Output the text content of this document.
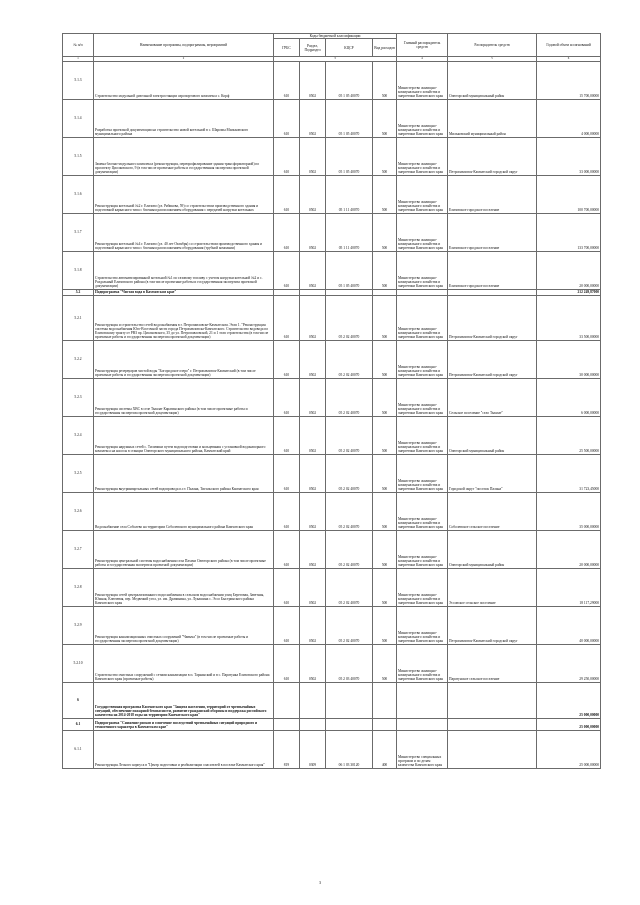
№ п/п	Наименование программы, подпрограммы, мероприятий	Коды бюджетной классификации				Главный распорядитель средств	Распорядитель средств	Годовой объем ассигнований
		ГРБС	Раздел, Подраздел	КЦСР	Вид расходов			
1	2	3				4	5	6
5.1.3	Строительство модульной дизельной электростанции аэропортового комплекса с. Корф	610	0502	05 1 05 40070	500	Министерство жилищно-коммунального хозяйства и энергетики Камчатского края	Олюторский муниципальный район	15 700,00000
5.1.4	Разработка проектной документации на строительство новой котельной в с. Шаромы Мильковского муниципального района	610	0502	05 1 05 40070	500	Министерство жилищно-коммунального хозяйства и энергетики Камчатского края	Мильковский муниципальный район	4 000,00000
5.1.5	Замена блочно-модульного комплекса (реконструкция, перепрофилирование здания трансформаторной) по проспекту Циолковского, 9 (в том числе проектные работы и государственная экспертиза проектной документации)	610	0502	05 1 05 40070	500	Министерство жилищно-коммунального хозяйства и энергетики Камчатского края	Петропавловск-Камчатский городской округ	33 000,00000
5.1.6	Реконструкция котельной №2 г. Елизово (ул. Рябикова, 59) со строительством производственного здания и подготовкой каркасного типа с блочным расположением оборудования с передачей нагрузки котельных	610	0502	05 1 11 40070	500	Министерство жилищно-коммунального хозяйства и энергетики Камчатского края	Елизовское городское поселение	100 700,00000
5.1.7	Реконструкция котельной №4 г. Елизово (ул. 40 лет Октября) со строительством производственного здания и подготовкой каркасного типа с блочным расположением оборудования (трубной компании)	610	0502	05 1 11 40070	500	Министерство жилищно-коммунального хозяйства и энергетики Камчатского края	Елизовское городское поселение	133 700,00000
5.1.8	Строительство автоматизированной котельной №1 по газовому топливу с учетом нагрузки котельной №2 и с. Раздольный Елизовского района (в том числе проектные работы и государственная экспертиза проектной документации)	610	0502	05 1 05 40070	500	Министерство жилищно-коммунального хозяйства и энергетики Камчатского края	Елизовское городское поселение	20 000,00000
5.2	Подпрограмма "Чистая вода в Камчатском крае"							212 249,87000
5.2.1	Реконструкция и строительство сетей водоснабжения в г. Петропавловске-Камчатском. Этап 1. "Реконструкция системы водоснабжения Юго-Восточной части города Петропавловска-Камчатского. Строительство водовода по Елизовскому тракту от РВЗ пр. Циолковского, 35 до ул. Петропавловской, 21 и 1 этап строительства (в том числе проектные работы и государственная экспертиза проектной документации)	610	0502	05 2 02 40070	500	Министерство жилищно-коммунального хозяйства и энергетики Камчатского края	Петропавловск-Камчатский городской округ	33 500,00000
5.2.2	Реконструкция резервуаров чистой воды "Богородское озеро" г. Петропавловск-Камчатский (в том числе проектные работы и государственная экспертиза проектной документации)	610	0502	05 2 02 40070	500	Министерство жилищно-коммунального хозяйства и энергетики Камчатского края	Петропавловск-Камчатский городской округ	30 000,00000
5.2.3	Реконструкция системы ХВС в селе Тымлат Карагинского района (в том числе проектные работы и государственная экспертиза проектной документации)	610	0502	05 2 02 40070	500	Министерство жилищно-коммунального хозяйства и энергетики Камчатского края	Сельское поселение "село Тымлат"	6 000,00000
5.2.4	Реконструкция наружных сетей с. Тиличики путем водоподготовки и кольцевания с установкой водонапорного комплекса на насосы в станции Олюторского муниципального района, Камчатский край	610	0502	05 2 02 40070	500	Министерство жилищно-коммунального хозяйства и энергетики Камчатского края	Олюторский муниципальный район	25 500,00000
5.2.5	Реконструкция внутриквартальных сетей водопровода п.г.т. Палана, Тигильского района Камчатского края	610	0502	05 2 02 40070	500	Министерство жилищно-коммунального хозяйства и энергетики Камчатского края	Городской округ "поселок Палана"	31 723,45000
5.2.6	Водоснабжение села Соболево на территории Соболевского муниципального района Камчатского края	610	0502	05 2 02 40070	500	Министерство жилищно-коммунального хозяйства и энергетики Камчатского края	Соболевское сельское поселение	35 000,00000
5.2.7	Реконструкция центральной системы водоснабжения села Пахачи Олюторского района (в том числе проектные работы и государственная экспертиза проектной документации)	610	0502	05 2 02 40070	500	Министерство жилищно-коммунального хозяйства и энергетики Камчатского края	Олюторский муниципальный район	20 000,00000
5.2.8	Реконструкция сетей централизованного водоснабжения в сельском водоснабжении улиц Береговая, Заветная, Южная, Ключевая, пер. Медвежий угол, ул. им. Драчинина, ул. Лукашина с. Эссо Быстринского района Камчатского края	610	0502	05 2 02 40070	500	Министерство жилищно-коммунального хозяйства и энергетики Камчатского края	Эссовское сельское поселение	18 117,29000
5.2.9	Реконструкция канализационных очистных сооружений "Чавыча" (в том числе проектные работы и государственная экспертиза проектной документации)	610	0502	05 2 02 40070	500	Министерство жилищно-коммунального хозяйства и энергетики Камчатского края	Петропавловск-Камчатский городской округ	40 000,00000
5.2.10	Строительство очистных сооружений с сетями канализации в п. Тарьинский и в с. Паратунка Елизовского района Камчатского края (проектные работы)	610	0502	05 2 03 40070	500	Министерство жилищно-коммунального хозяйства и энергетики Камчатского края	Паратунское сельское поселение	29 250,00000
6	Государственная программа Камчатского края "Защита населения, территорий от чрезвычайных ситуаций, обеспечение пожарной безопасности, развитие гражданской обороны и поддержка российского казачества на 2014-2018 годы на территории Камчатского края"							25 000,00000
6.1	Подпрограмма "Снижение рисков и смягчение последствий чрезвычайных ситуаций природного и техногенного характера в Камчатском крае"							25 000,00000
6.1.1	Реконструкция Лесного корпуса в "Центр подготовки и реабилитации спасателей в поселке Камчатского края"	819	0309	06 1 03 30120	400	Министерство специальных программ и по делам казачества Камчатского края		25 000,00000
3
